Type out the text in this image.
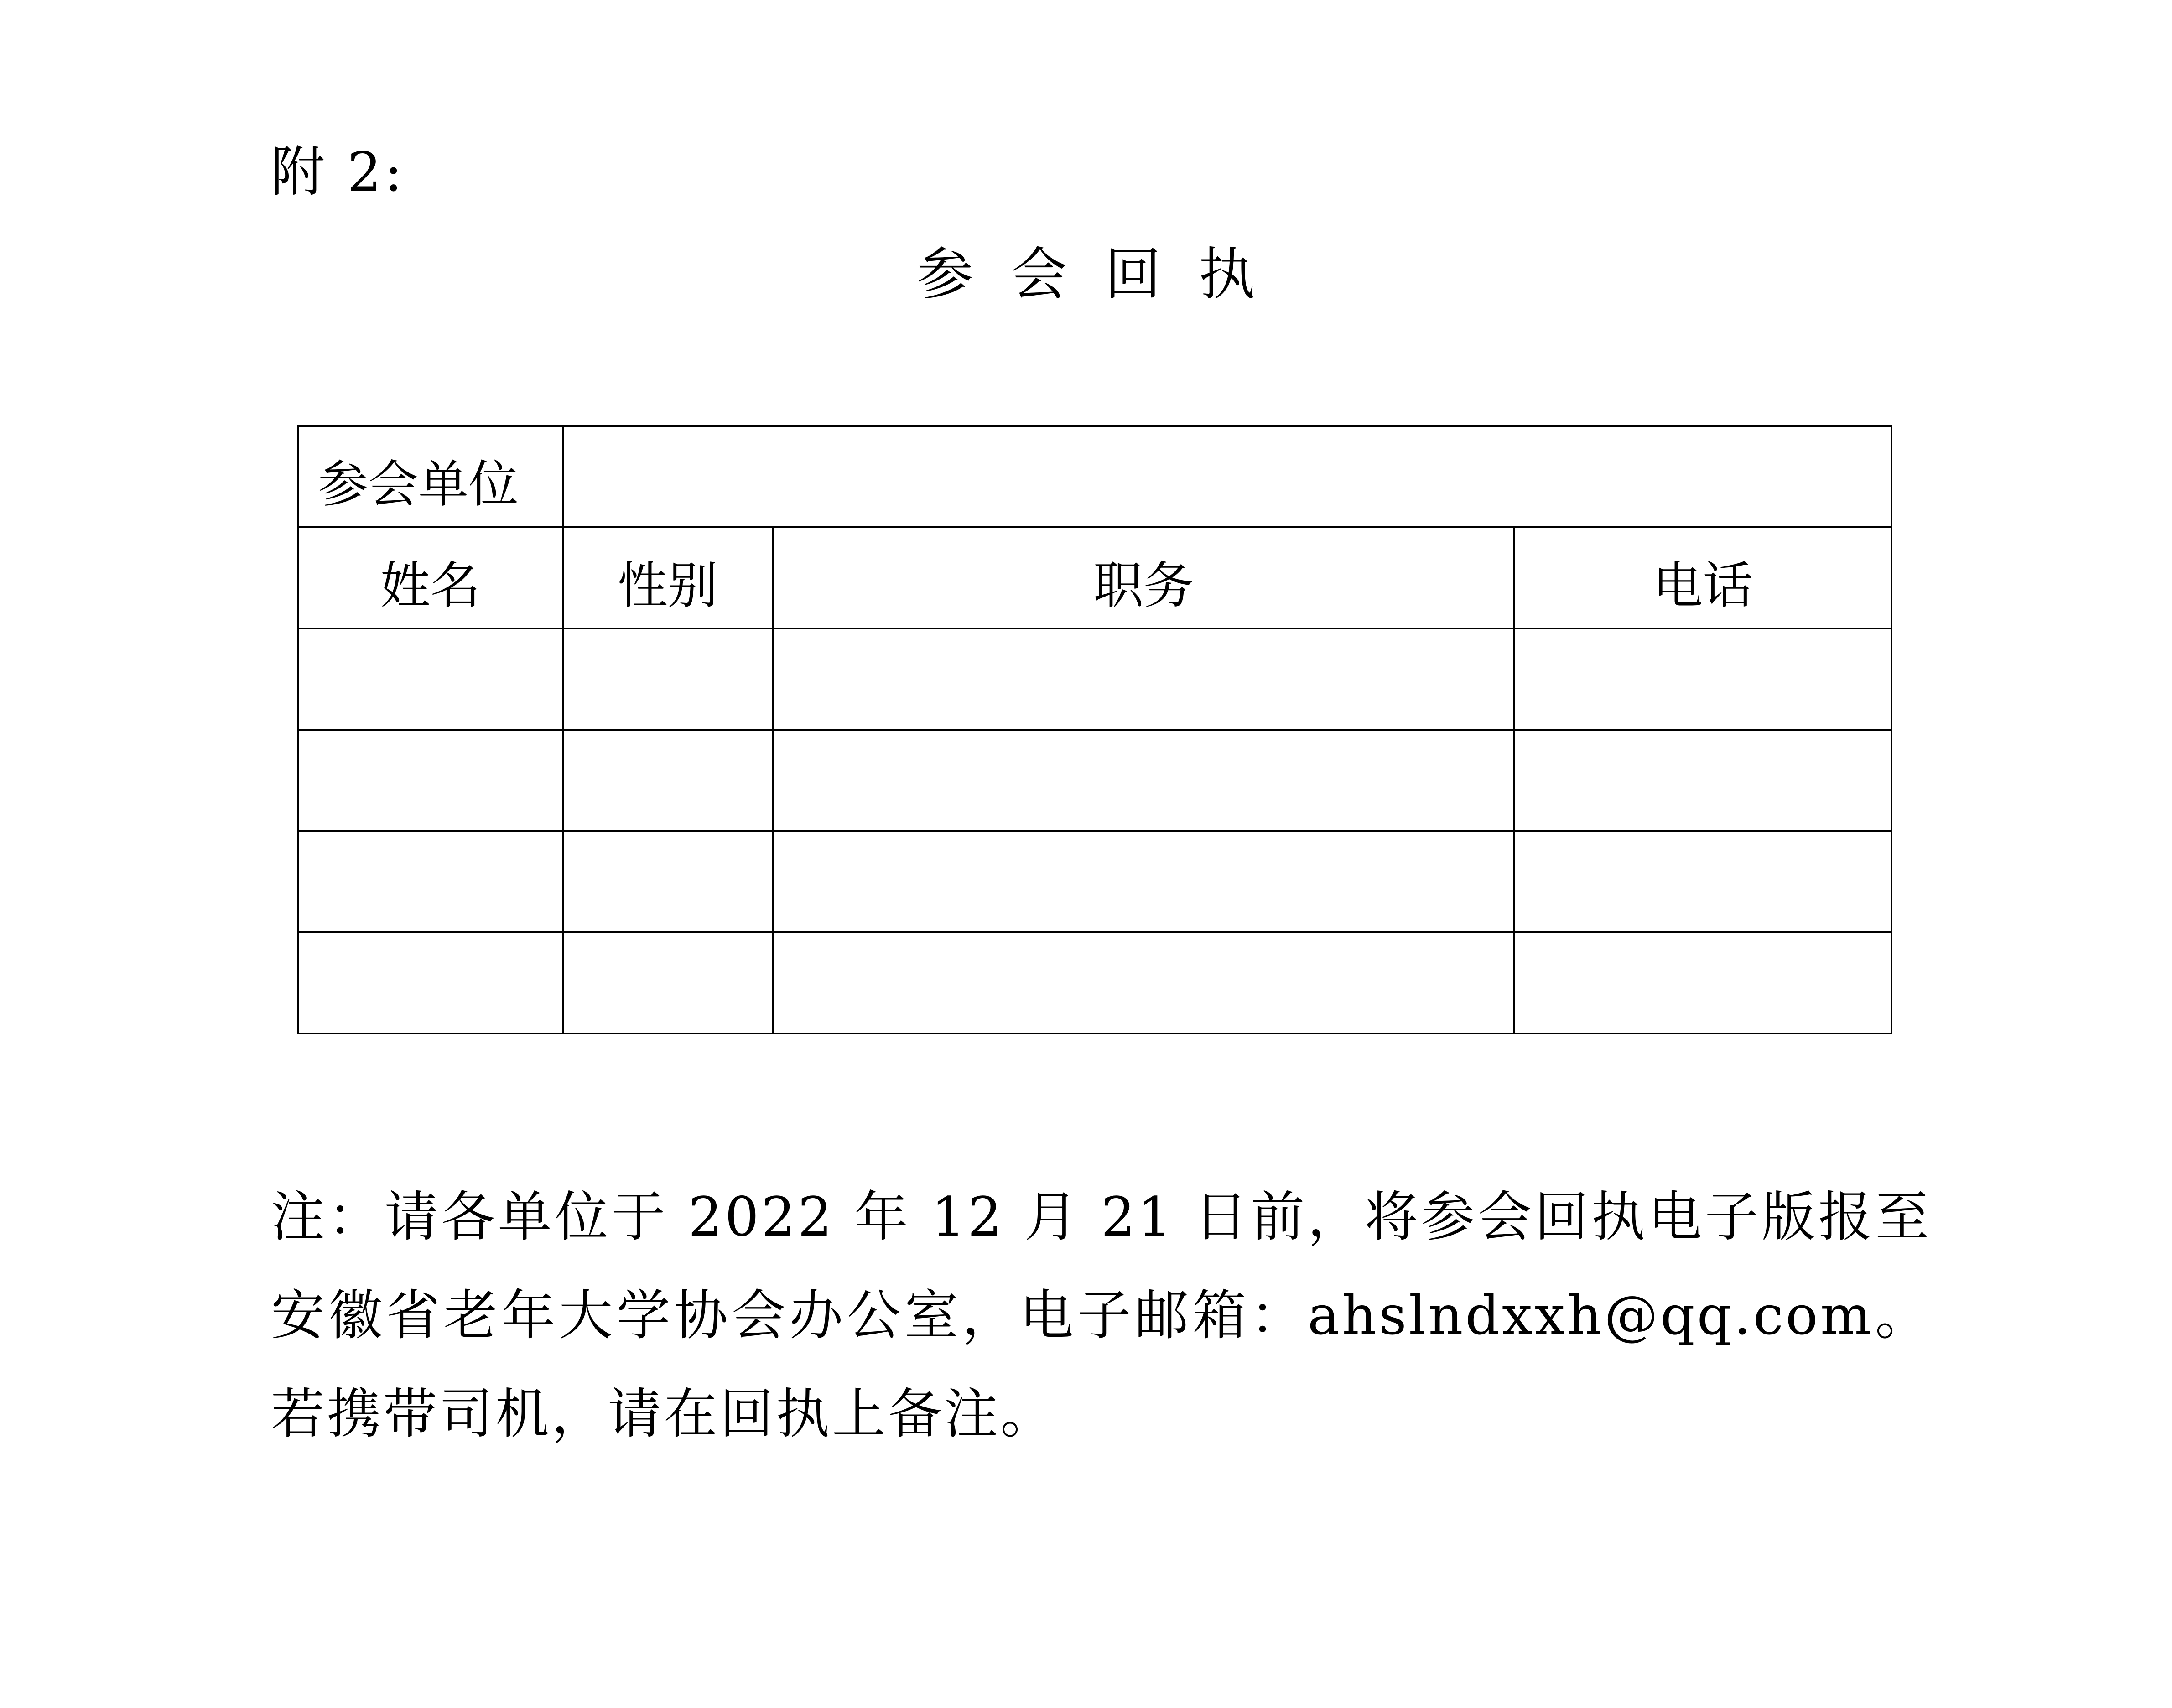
附 2:
参会回执
参会单位			
姓名	性别	职务	电话

注：请各单位于 2022 年 12 月 21 日前，将参会回执电子版报至安徽省老年大学协会办公室，电子邮箱：ahslndxxh@qq.com。若携带司机，请在回执上备注。
